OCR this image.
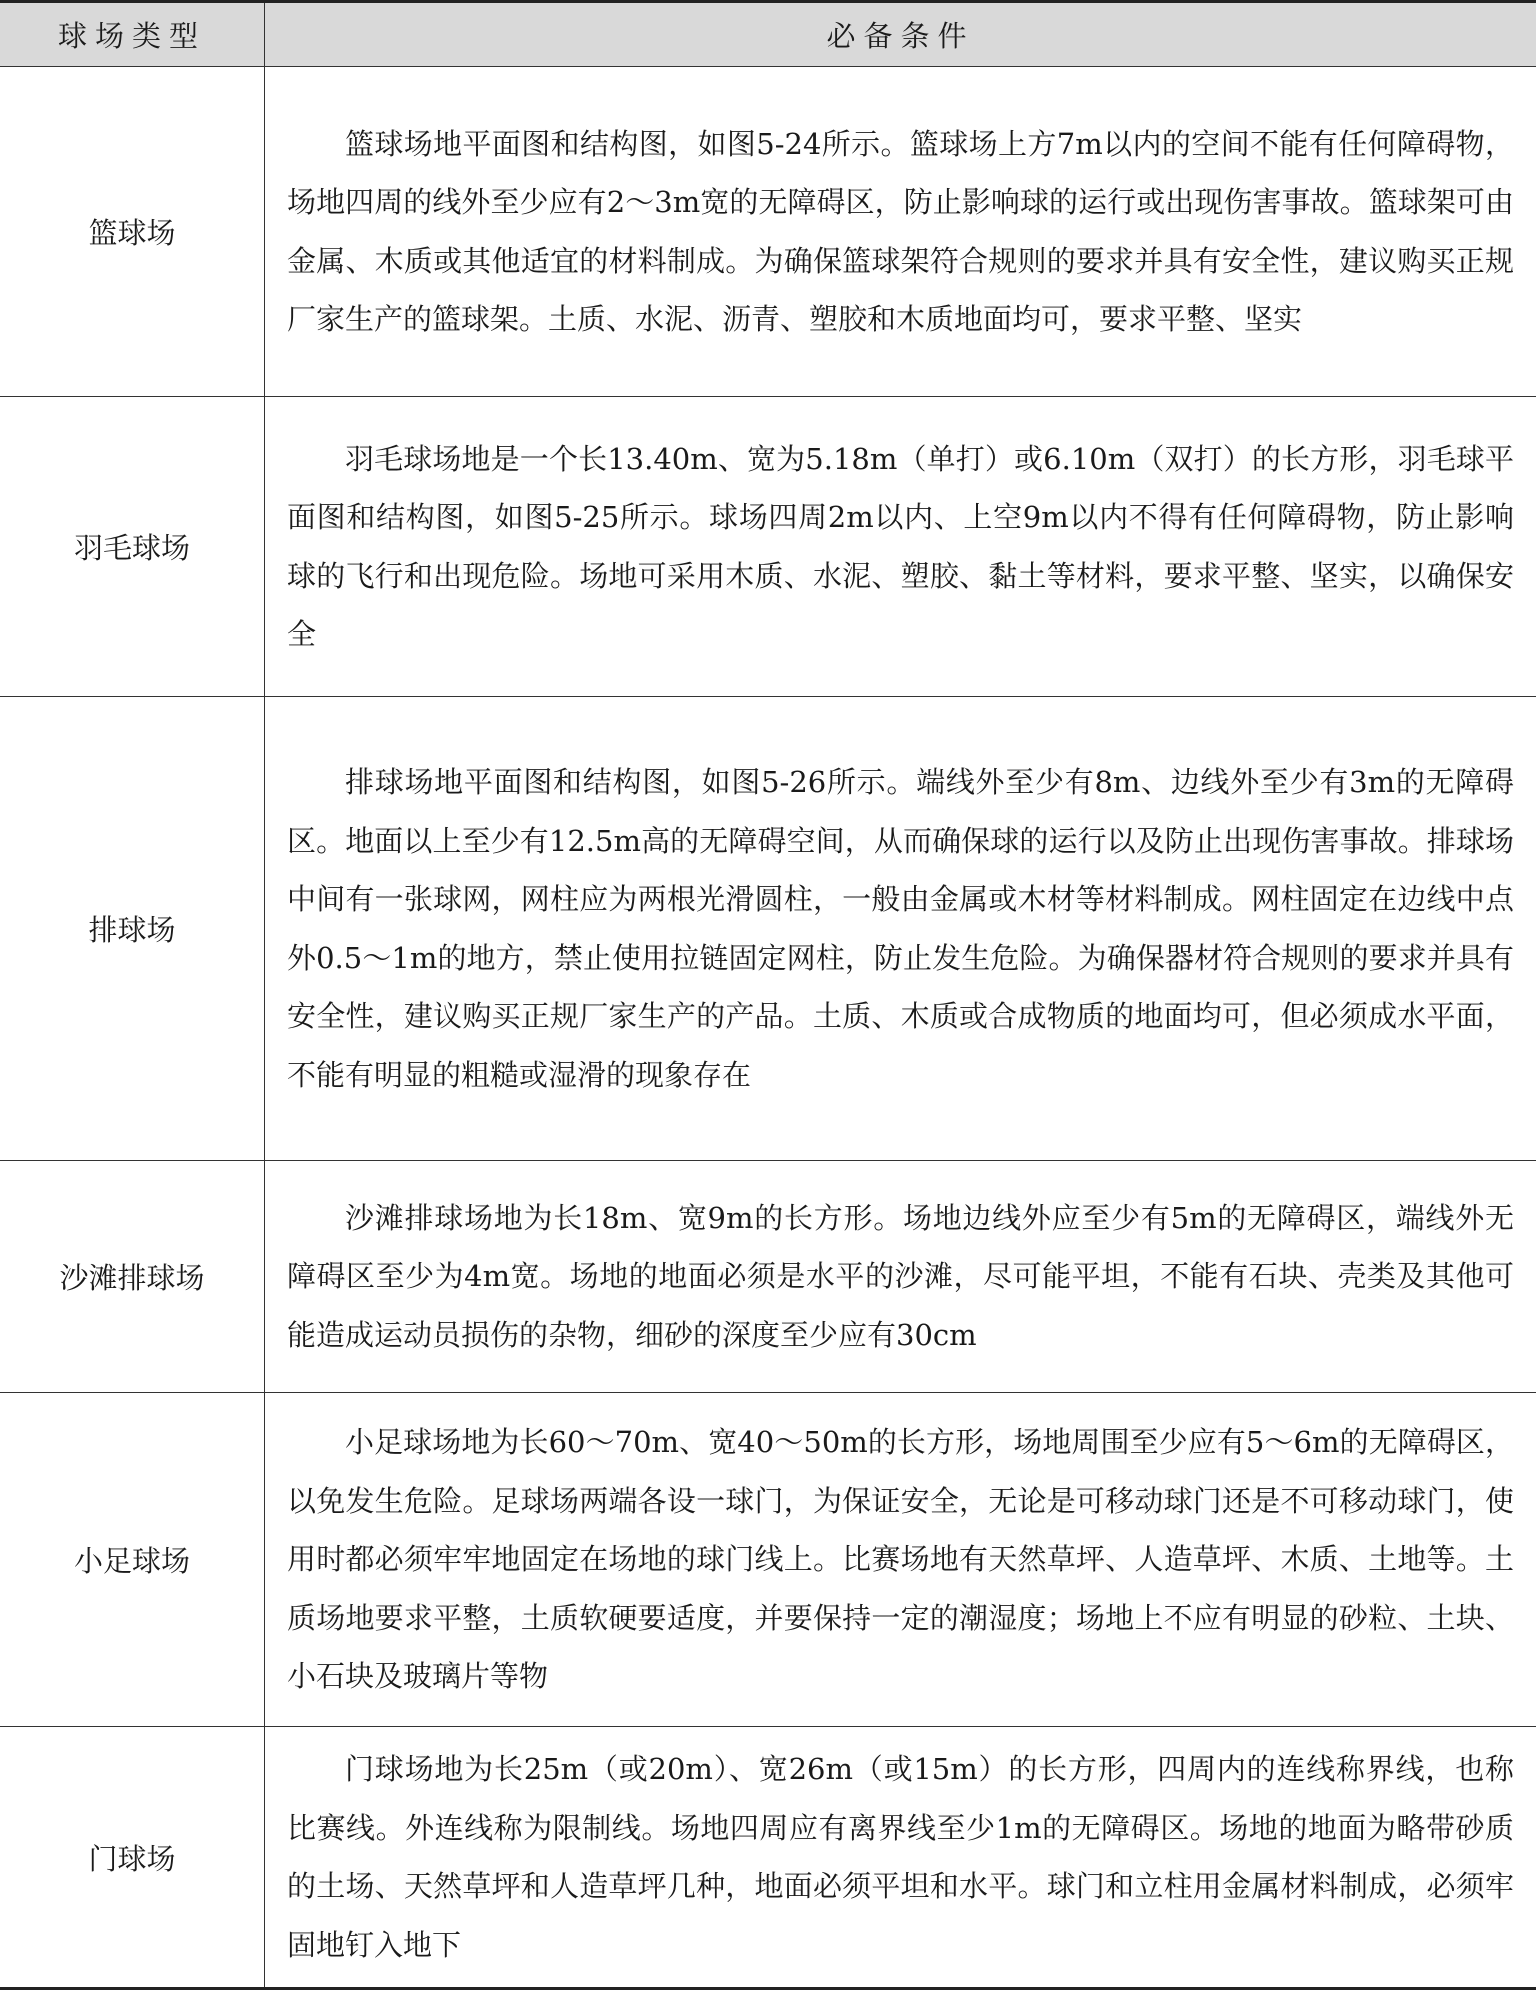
球场类型	必备条件
篮球场

篮球场地平面图和结构图，如图5-24所示。篮球场上方7m以内的空间不能有任何障碍物，场地四周的线外至少应有2～3m宽的无障碍区，防止影响球的运行或出现伤害事故。篮球架可由金属、木质或其他适宜的材料制成。为确保篮球架符合规则的要求并具有安全性，建议购买正规厂家生产的篮球架。土质、水泥、沥青、塑胶和木质地面均可，要求平整、坚实

羽毛球场

羽毛球场地是一个长13.40m、宽为5.18m（单打）或6.10m（双打）的长方形，羽毛球平面图和结构图，如图5-25所示。球场四周2m以内、上空9m以内不得有任何障碍物，防止影响球的飞行和出现危险。场地可采用木质、水泥、塑胶、黏土等材料，要求平整、坚实，以确保安全

排球场

排球场地平面图和结构图，如图5-26所示。端线外至少有8m、边线外至少有3m的无障碍区。地面以上至少有12.5m高的无障碍空间，从而确保球的运行以及防止出现伤害事故。排球场中间有一张球网，网柱应为两根光滑圆柱，一般由金属或木材等材料制成。网柱固定在边线中点外0.5～1m的地方，禁止使用拉链固定网柱，防止发生危险。为确保器材符合规则的要求并具有安全性，建议购买正规厂家生产的产品。土质、木质或合成物质的地面均可，但必须成水平面，不能有明显的粗糙或湿滑的现象存在

沙滩排球场

沙滩排球场地为长18m、宽9m的长方形。场地边线外应至少有5m的无障碍区，端线外无障碍区至少为4m宽。场地的地面必须是水平的沙滩，尽可能平坦，不能有石块、壳类及其他可能造成运动员损伤的杂物，细砂的深度至少应有30cm

小足球场

小足球场地为长60～70m、宽40～50m的长方形，场地周围至少应有5～6m的无障碍区，以免发生危险。足球场两端各设一球门，为保证安全，无论是可移动球门还是不可移动球门，使用时都必须牢牢地固定在场地的球门线上。比赛场地有天然草坪、人造草坪、木质、土地等。土质场地要求平整，土质软硬要适度，并要保持一定的潮湿度；场地上不应有明显的砂粒、土块、小石块及玻璃片等物

门球场

门球场地为长25m（或20m）、宽26m（或15m）的长方形，四周内的连线称界线，也称比赛线。外连线称为限制线。场地四周应有离界线至少1m的无障碍区。场地的地面为略带砂质的土场、天然草坪和人造草坪几种，地面必须平坦和水平。球门和立柱用金属材料制成，必须牢固地钉入地下
